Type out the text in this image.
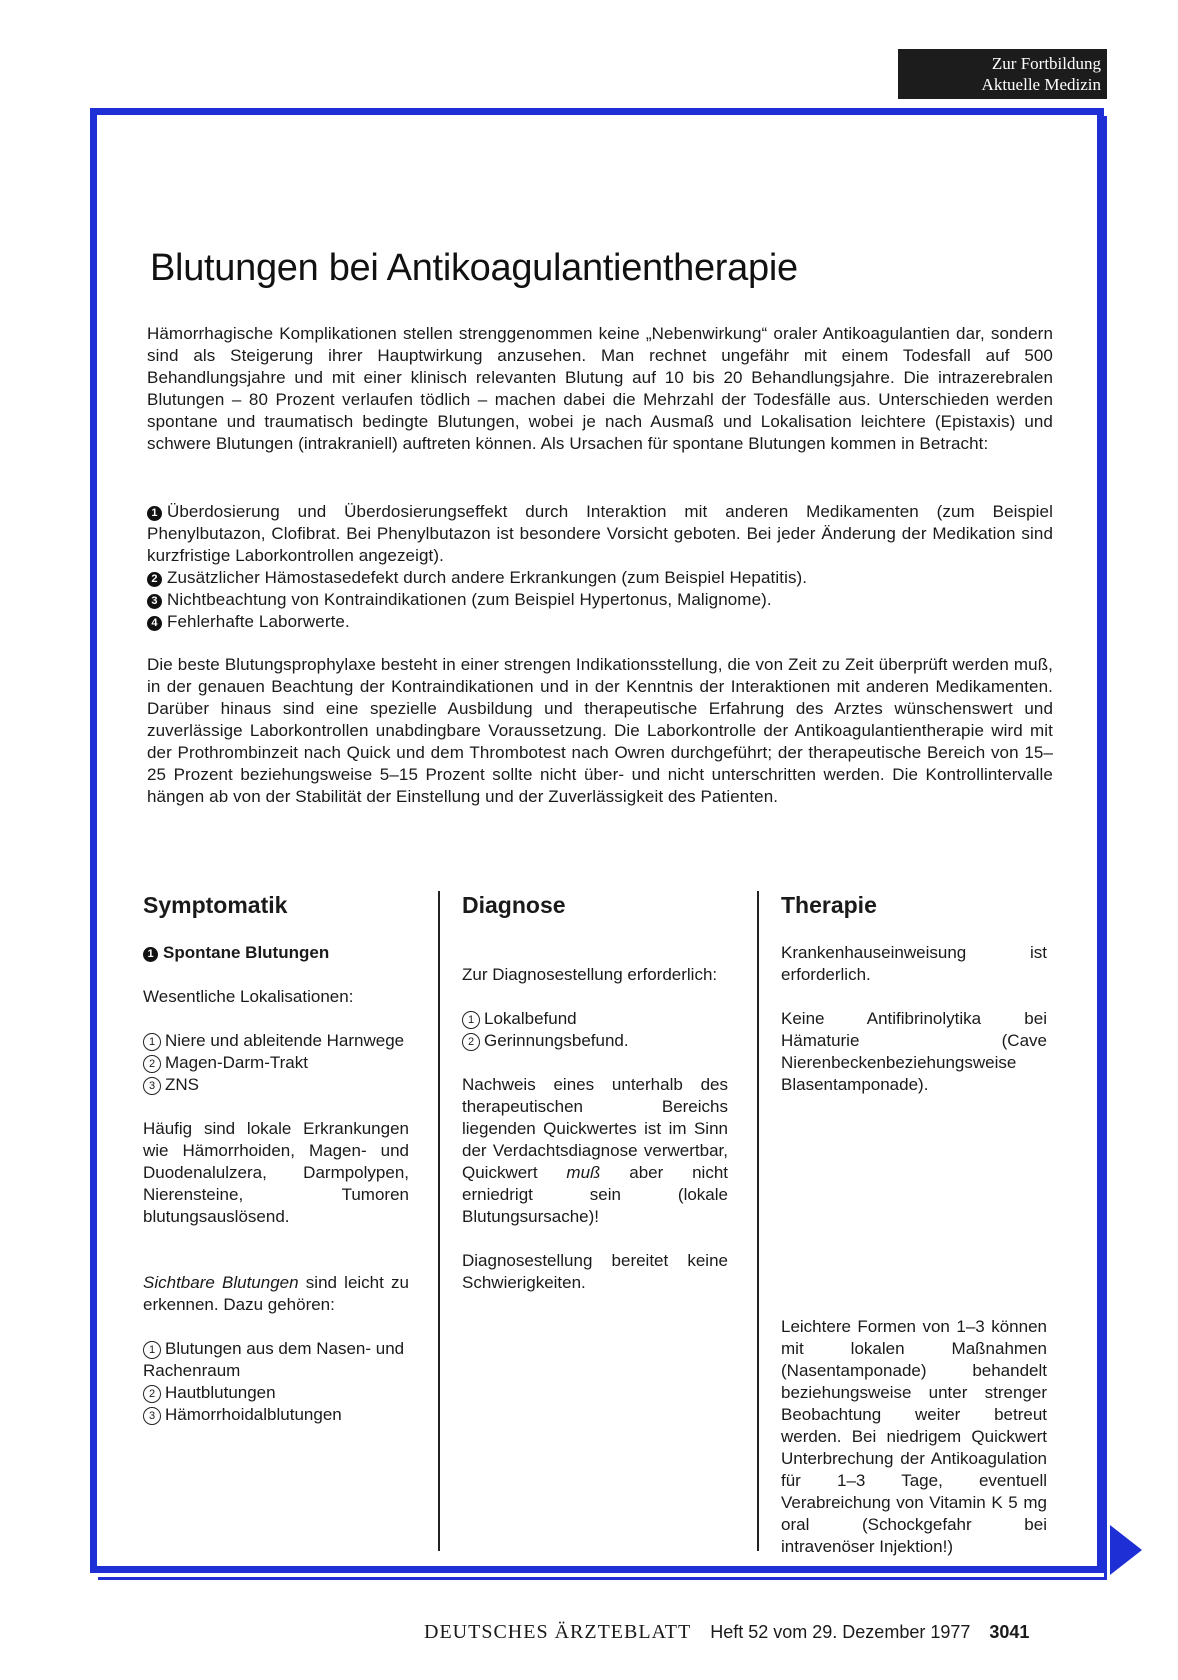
Zur Fortbildung
Aktuelle Medizin
Blutungen bei Antikoagulantientherapie

Hämorrhagische Komplikationen stellen strenggenommen keine „Nebenwirkung“ oraler Antikoagulantien dar, sondern sind als Steigerung ihrer Hauptwirkung anzusehen. Man rechnet ungefähr mit einem Todesfall auf 500 Behandlungsjahre und mit einer klinisch relevanten Blutung auf 10 bis 20 Behandlungsjahre. Die intrazerebralen Blutungen – 80 Prozent verlaufen tödlich – machen dabei die Mehrzahl der Todesfälle aus. Unterschieden werden spontane und traumatisch bedingte Blutungen, wobei je nach Ausmaß und Lokalisation leichtere (Epistaxis) und schwere Blutungen (intrakraniell) auftreten können. Als Ursachen für spontane Blutungen kommen in Betracht:

1 Überdosierung und Überdosierungseffekt durch Interaktion mit anderen Medikamenten (zum Beispiel Phenylbutazon, Clofibrat. Bei Phenylbutazon ist besondere Vorsicht geboten. Bei jeder Änderung der Medikation sind kurzfristige Laborkontrollen angezeigt).

2 Zusätzlicher Hämostasedefekt durch andere Erkrankungen (zum Beispiel Hepatitis).

3 Nichtbeachtung von Kontraindikationen (zum Beispiel Hypertonus, Malignome).

4 Fehlerhafte Laborwerte.

Die beste Blutungsprophylaxe besteht in einer strengen Indikationsstellung, die von Zeit zu Zeit überprüft werden muß, in der genauen Beachtung der Kontraindikationen und in der Kenntnis der Interaktionen mit anderen Medikamenten. Darüber hinaus sind eine spezielle Ausbildung und therapeutische Erfahrung des Arztes wünschenswert und zuverlässige Laborkontrollen unabdingbare Voraussetzung. Die Laborkontrolle der Antikoagulantientherapie wird mit der Prothrombinzeit nach Quick und dem Thrombotest nach Owren durchgeführt; der therapeutische Bereich von 15–25 Prozent beziehungsweise 5–15 Prozent sollte nicht über- und nicht unterschritten werden. Die Kontrollintervalle hängen ab von der Stabilität der Einstellung und der Zuverlässigkeit des Patienten.

Symptomatik
1 Spontane Blutungen

Wesentliche Lokalisationen:

1 Niere und ableitende Harnwege
2 Magen-Darm-Trakt
3 ZNS

Häufig sind lokale Erkrankungen wie Hämorrhoiden, Magen- und Duodenalulzera, Darmpolypen, Nierensteine, Tumoren blutungsauslösend.

Sichtbare Blutungen sind leicht zu erkennen. Dazu gehören:

1 Blutungen aus dem Nasen- und Rachenraum
2 Hautblutungen
3 Hämorrhoidalblutungen

Diagnose

Zur Diagnosestellung erforderlich:

1 Lokalbefund
2 Gerinnungsbefund.

Nachweis eines unterhalb des therapeutischen Bereichs liegenden Quickwertes ist im Sinn der Verdachtsdiagnose verwertbar, Quickwert muß aber nicht erniedrigt sein (lokale Blutungsursache)!

Diagnosestellung bereitet keine Schwierigkeiten.

Therapie

Krankenhauseinweisung ist erforderlich.

Keine Antifibrinolytika bei Hämaturie (Cave Nierenbeckenbeziehungsweise Blasentamponade).

Leichtere Formen von 1–3 können mit lokalen Maßnahmen (Nasentamponade) behandelt beziehungsweise unter strenger Beobachtung weiter betreut werden. Bei niedrigem Quickwert Unterbrechung der Antikoagulation für 1–3 Tage, eventuell Verabreichung von Vitamin K 5 mg oral (Schockgefahr bei intravenöser Injektion!)

DEUTSCHES ÄRZTEBLATT Heft 52 vom 29. Dezember 1977 3041
